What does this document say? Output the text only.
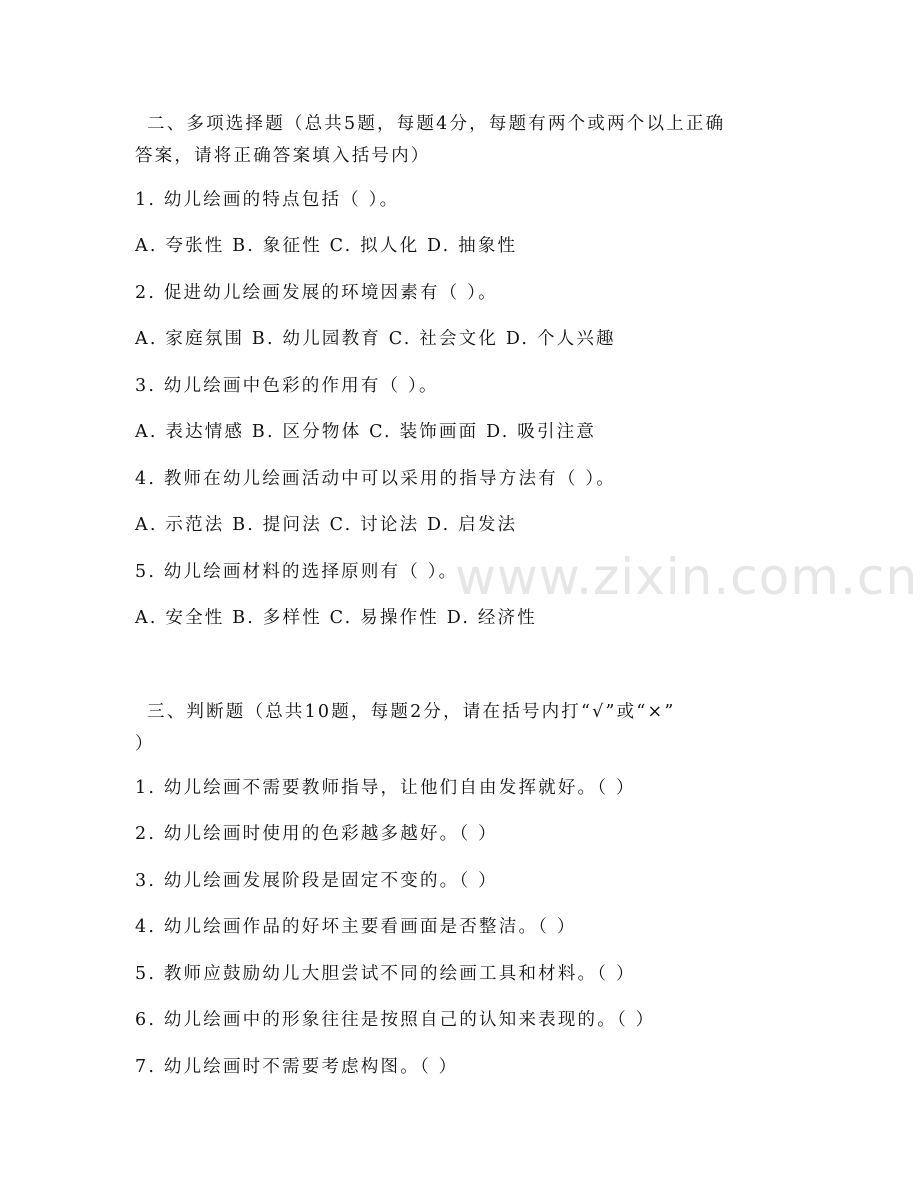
www.zixin.com.cn
二、多项选择题（总共5题，每题4分，每题有两个或两个以上正确
答案，请将正确答案填入括号内）
1. 幼儿绘画的特点包括（ ）。
A. 夸张性 B. 象征性 C. 拟人化 D. 抽象性
2. 促进幼儿绘画发展的环境因素有（ ）。
A. 家庭氛围 B. 幼儿园教育 C. 社会文化 D. 个人兴趣
3. 幼儿绘画中色彩的作用有（ ）。
A. 表达情感 B. 区分物体 C. 装饰画面 D. 吸引注意
4. 教师在幼儿绘画活动中可以采用的指导方法有（ ）。
A. 示范法 B. 提问法 C. 讨论法 D. 启发法
5. 幼儿绘画材料的选择原则有（ ）。
A. 安全性 B. 多样性 C. 易操作性 D. 经济性
三、判断题（总共10题，每题2分，请在括号内打“√”或“×”
）
1. 幼儿绘画不需要教师指导，让他们自由发挥就好。（ ）
2. 幼儿绘画时使用的色彩越多越好。（ ）
3. 幼儿绘画发展阶段是固定不变的。（ ）
4. 幼儿绘画作品的好坏主要看画面是否整洁。（ ）
5. 教师应鼓励幼儿大胆尝试不同的绘画工具和材料。（ ）
6. 幼儿绘画中的形象往往是按照自己的认知来表现的。（ ）
7. 幼儿绘画时不需要考虑构图。（ ）
